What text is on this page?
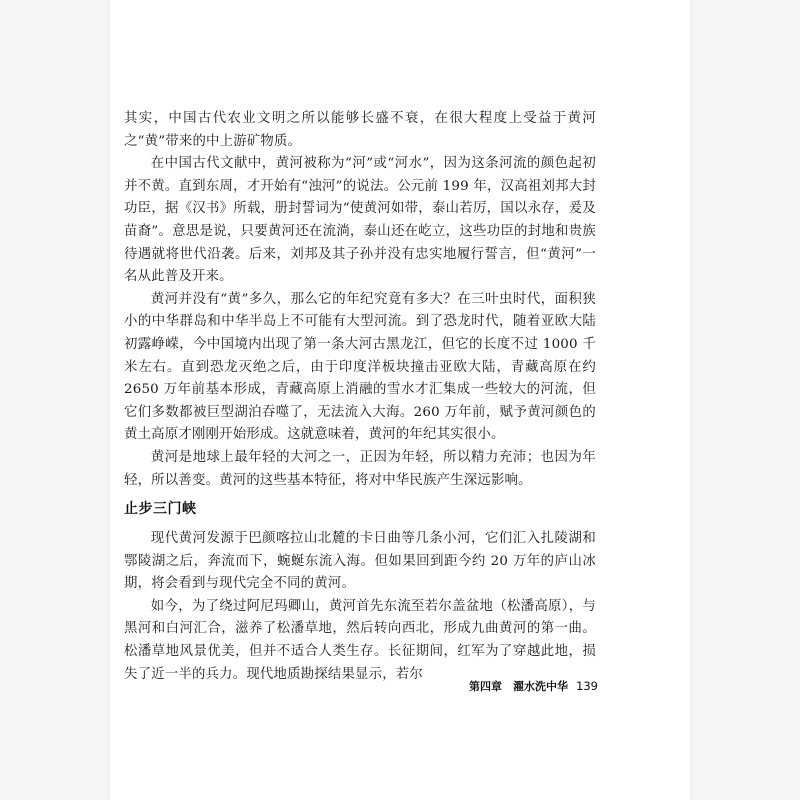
其实，中国古代农业文明之所以能够长盛不衰，在很大程度上受益于黄河之“黄”带来的中上游矿物质。

在中国古代文献中，黄河被称为“河”或“河水”，因为这条河流的颜色起初并不黄。直到东周，才开始有“浊河”的说法。公元前 199 年，汉高祖刘邦大封功臣，据《汉书》所载，册封誓词为“使黄河如带，泰山若厉，国以永存，爰及苗裔”。意思是说，只要黄河还在流淌，泰山还在屹立，这些功臣的封地和贵族待遇就将世代沿袭。后来，刘邦及其子孙并没有忠实地履行誓言，但“黄河”一名从此普及开来。

黄河并没有“黄”多久，那么它的年纪究竟有多大？在三叶虫时代，面积狭小的中华群岛和中华半岛上不可能有大型河流。到了恐龙时代，随着亚欧大陆初露峥嵘，今中国境内出现了第一条大河古黑龙江，但它的长度不过 1000 千米左右。直到恐龙灭绝之后，由于印度洋板块撞击亚欧大陆，青藏高原在约 2650 万年前基本形成，青藏高原上消融的雪水才汇集成一些较大的河流，但它们多数都被巨型湖泊吞噬了，无法流入大海。260 万年前，赋予黄河颜色的黄土高原才刚刚开始形成。这就意味着，黄河的年纪其实很小。

黄河是地球上最年轻的大河之一，正因为年轻，所以精力充沛；也因为年轻，所以善变。黄河的这些基本特征，将对中华民族产生深远影响。

止步三门峡

现代黄河发源于巴颜喀拉山北麓的卡日曲等几条小河，它们汇入扎陵湖和鄂陵湖之后，奔流而下，蜿蜒东流入海。但如果回到距今约 20 万年的庐山冰期，将会看到与现代完全不同的黄河。

如今，为了绕过阿尼玛卿山，黄河首先东流至若尔盖盆地（松潘高原），与黑河和白河汇合，滋养了松潘草地，然后转向西北，形成九曲黄河的第一曲。松潘草地风景优美，但并不适合人类生存。长征期间，红军为了穿越此地，损失了近一半的兵力。现代地质勘探结果显示，若尔

第四章　濯水洗中华 139
